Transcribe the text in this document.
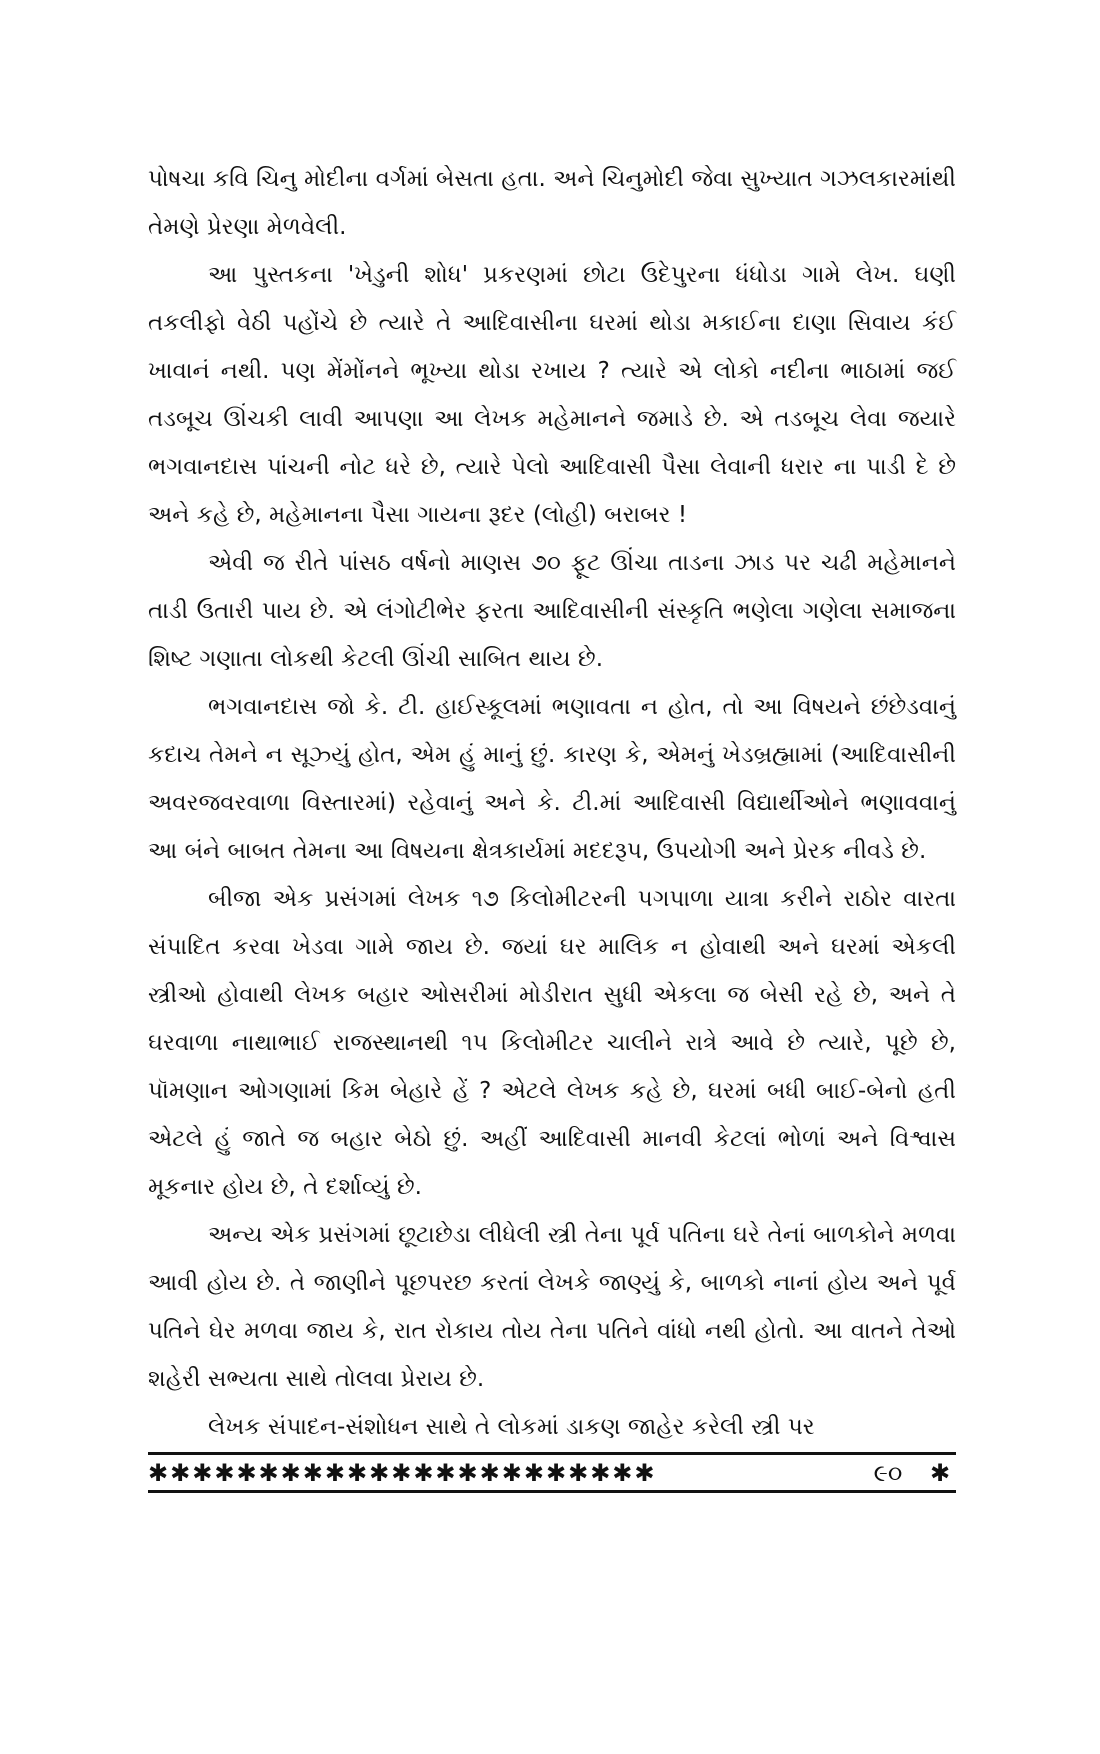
પોષચા કવિ ચિનુ મોદીના વર્ગમાં બેસતા હતા. અને ચિનુમોદી જેવા સુખ્યાત ગઝલકારમાંથી તેમણે પ્રેરણા મેળવેલી.

આ પુસ્તકના 'ખેડુની શોધ' પ્રકરણમાં છોટા ઉદેપુરના ધંધોડા ગામે લેખ. ઘણી તકલીફો વેઠી પહોંચે છે ત્યારે તે આદિવાસીના ઘરમાં થોડા મકાઈના દાણા સિવાય કંઈ ખાવાનં નથી. પણ મેંમોંનને ભૂખ્યા થોડા રખાય ? ત્યારે એ લોકો નદીના ભાઠામાં જઈ તડબૂચ ઊંચકી લાવી આપણા આ લેખક મહેમાનને જમાડે છે. એ તડબૂચ લેવા જયારે ભગવાનદાસ પાંચની નોટ ધરે છે, ત્યારે પેલો આદિવાસી પૈસા લેવાની ધરાર ના પાડી દે છે અને કહે છે, મહેમાનના પૈસા ગાયના રૂદર (લોહી) બરાબર !

એવી જ રીતે પાંસઠ વર્ષનો માણસ ૭૦ ફૂટ ઊંચા તાડના ઝાડ પર ચઢી મહેમાનને તાડી ઉતારી પાય છે. એ લંગોટીભેર ફરતા આદિવાસીની સંસ્કૃતિ ભણેલા ગણેલા સમાજના શિષ્ટ ગણાતા લોકથી કેટલી ઊંચી સાબિત થાય છે.

ભગવાનદાસ જો કે. ટી. હાઈસ્કૂલમાં ભણાવતા ન હોત, તો આ વિષયને છંછેડવાનું કદાચ તેમને ન સૂઝ્યું હોત, એમ હું માનું છું. કારણ કે, એમનું ખેડબ્રહ્મામાં (આદિવાસીની અવરજવરવાળા વિસ્તારમાં) રહેવાનું અને કે. ટી.માં આદિવાસી વિદ્યાર્થીઓને ભણાવવાનું આ બંને બાબત તેમના આ વિષયના ક્ષેત્રકાર્યમાં મદદરૂપ, ઉપયોગી અને પ્રેરક નીવડે છે.

બીજા એક પ્રસંગમાં લેખક ૧૭ કિલોમીટરની પગપાળા યાત્રા કરીને રાઠોર વારતા સંપાદિત કરવા ખેડવા ગામે જાય છે. જયાં ઘર માલિક ન હોવાથી અને ઘરમાં એકલી સ્ત્રીઓ હોવાથી લેખક બહાર ઓસરીમાં મોડીરાત સુધી એકલા જ બેસી રહે છે, અને તે ઘરવાળા નાથાભાઈ રાજસ્થાનથી ૧૫ કિલોમીટર ચાલીને રાત્રે આવે છે ત્યારે, પૂછે છે, પૉમણાન ઓગણામાં કિમ બેહારે હેં ? એટલે લેખક કહે છે, ઘરમાં બધી બાઈ-બેનો હતી એટલે હું જાતે જ બહાર બેઠો છું. અહીં આદિવાસી માનવી કેટલાં ભોળાં અને વિશ્વાસ મૂકનાર હોય છે, તે દર્શાવ્યું છે.

અન્ય એક પ્રસંગમાં છૂટાછેડા લીધેલી સ્ત્રી તેના પૂર્વ પતિના ઘરે તેનાં બાળકોને મળવા આવી હોય છે. તે જાણીને પૂછપરછ કરતાં લેખકે જાણ્યું કે, બાળકો નાનાં હોય અને પૂર્વ પતિને ઘેર મળવા જાય કે, રાત રોકાય તોય તેના પતિને વાંધો નથી હોતો. આ વાતને તેઓ શહેરી સભ્યતા સાથે તોલવા પ્રેરાય છે.

લેખક સંપાદન-સંશોધન સાથે તે લોકમાં ડાકણ જાહેર કરેલી સ્ત્રી પર

✱✱✱✱✱✱✱✱✱✱✱✱✱✱✱✱✱✱✱✱✱✱✱	૯૦	✱
